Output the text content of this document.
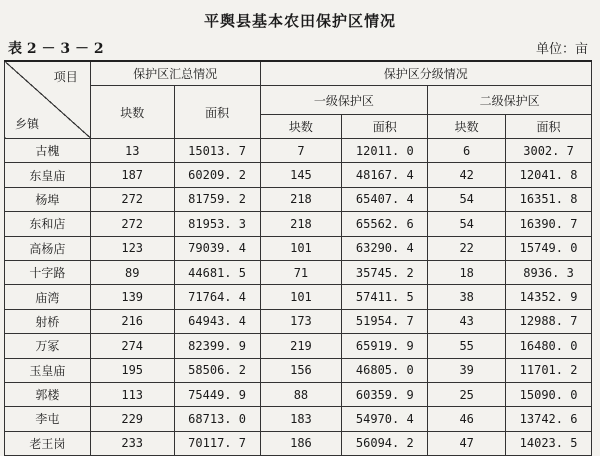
平舆县基本农田保护区情况
表 2 － 3 － 2	单位：亩
项目
乡镇	保护区汇总情况		保护区分级情况			
	块数	面积	一级保护区		二级保护区	
			块数	面积	块数	面积
古槐	13	15013. 7	7	12011. 0	6	3002. 7
东皇庙	187	60209. 2	145	48167. 4	42	12041. 8
杨埠	272	81759. 2	218	65407. 4	54	16351. 8
东和店	272	81953. 3	218	65562. 6	54	16390. 7
高杨店	123	79039. 4	101	63290. 4	22	15749. 0
十字路	89	44681. 5	71	35745. 2	18	8936. 3
庙湾	139	71764. 4	101	57411. 5	38	14352. 9
射桥	216	64943. 4	173	51954. 7	43	12988. 7
万冢	274	82399. 9	219	65919. 9	55	16480. 0
玉皇庙	195	58506. 2	156	46805. 0	39	11701. 2
郭楼	113	75449. 9	88	60359. 9	25	15090. 0
李屯	229	68713. 0	183	54970. 4	46	13742. 6
老王岗	233	70117. 7	186	56094. 2	47	14023. 5
